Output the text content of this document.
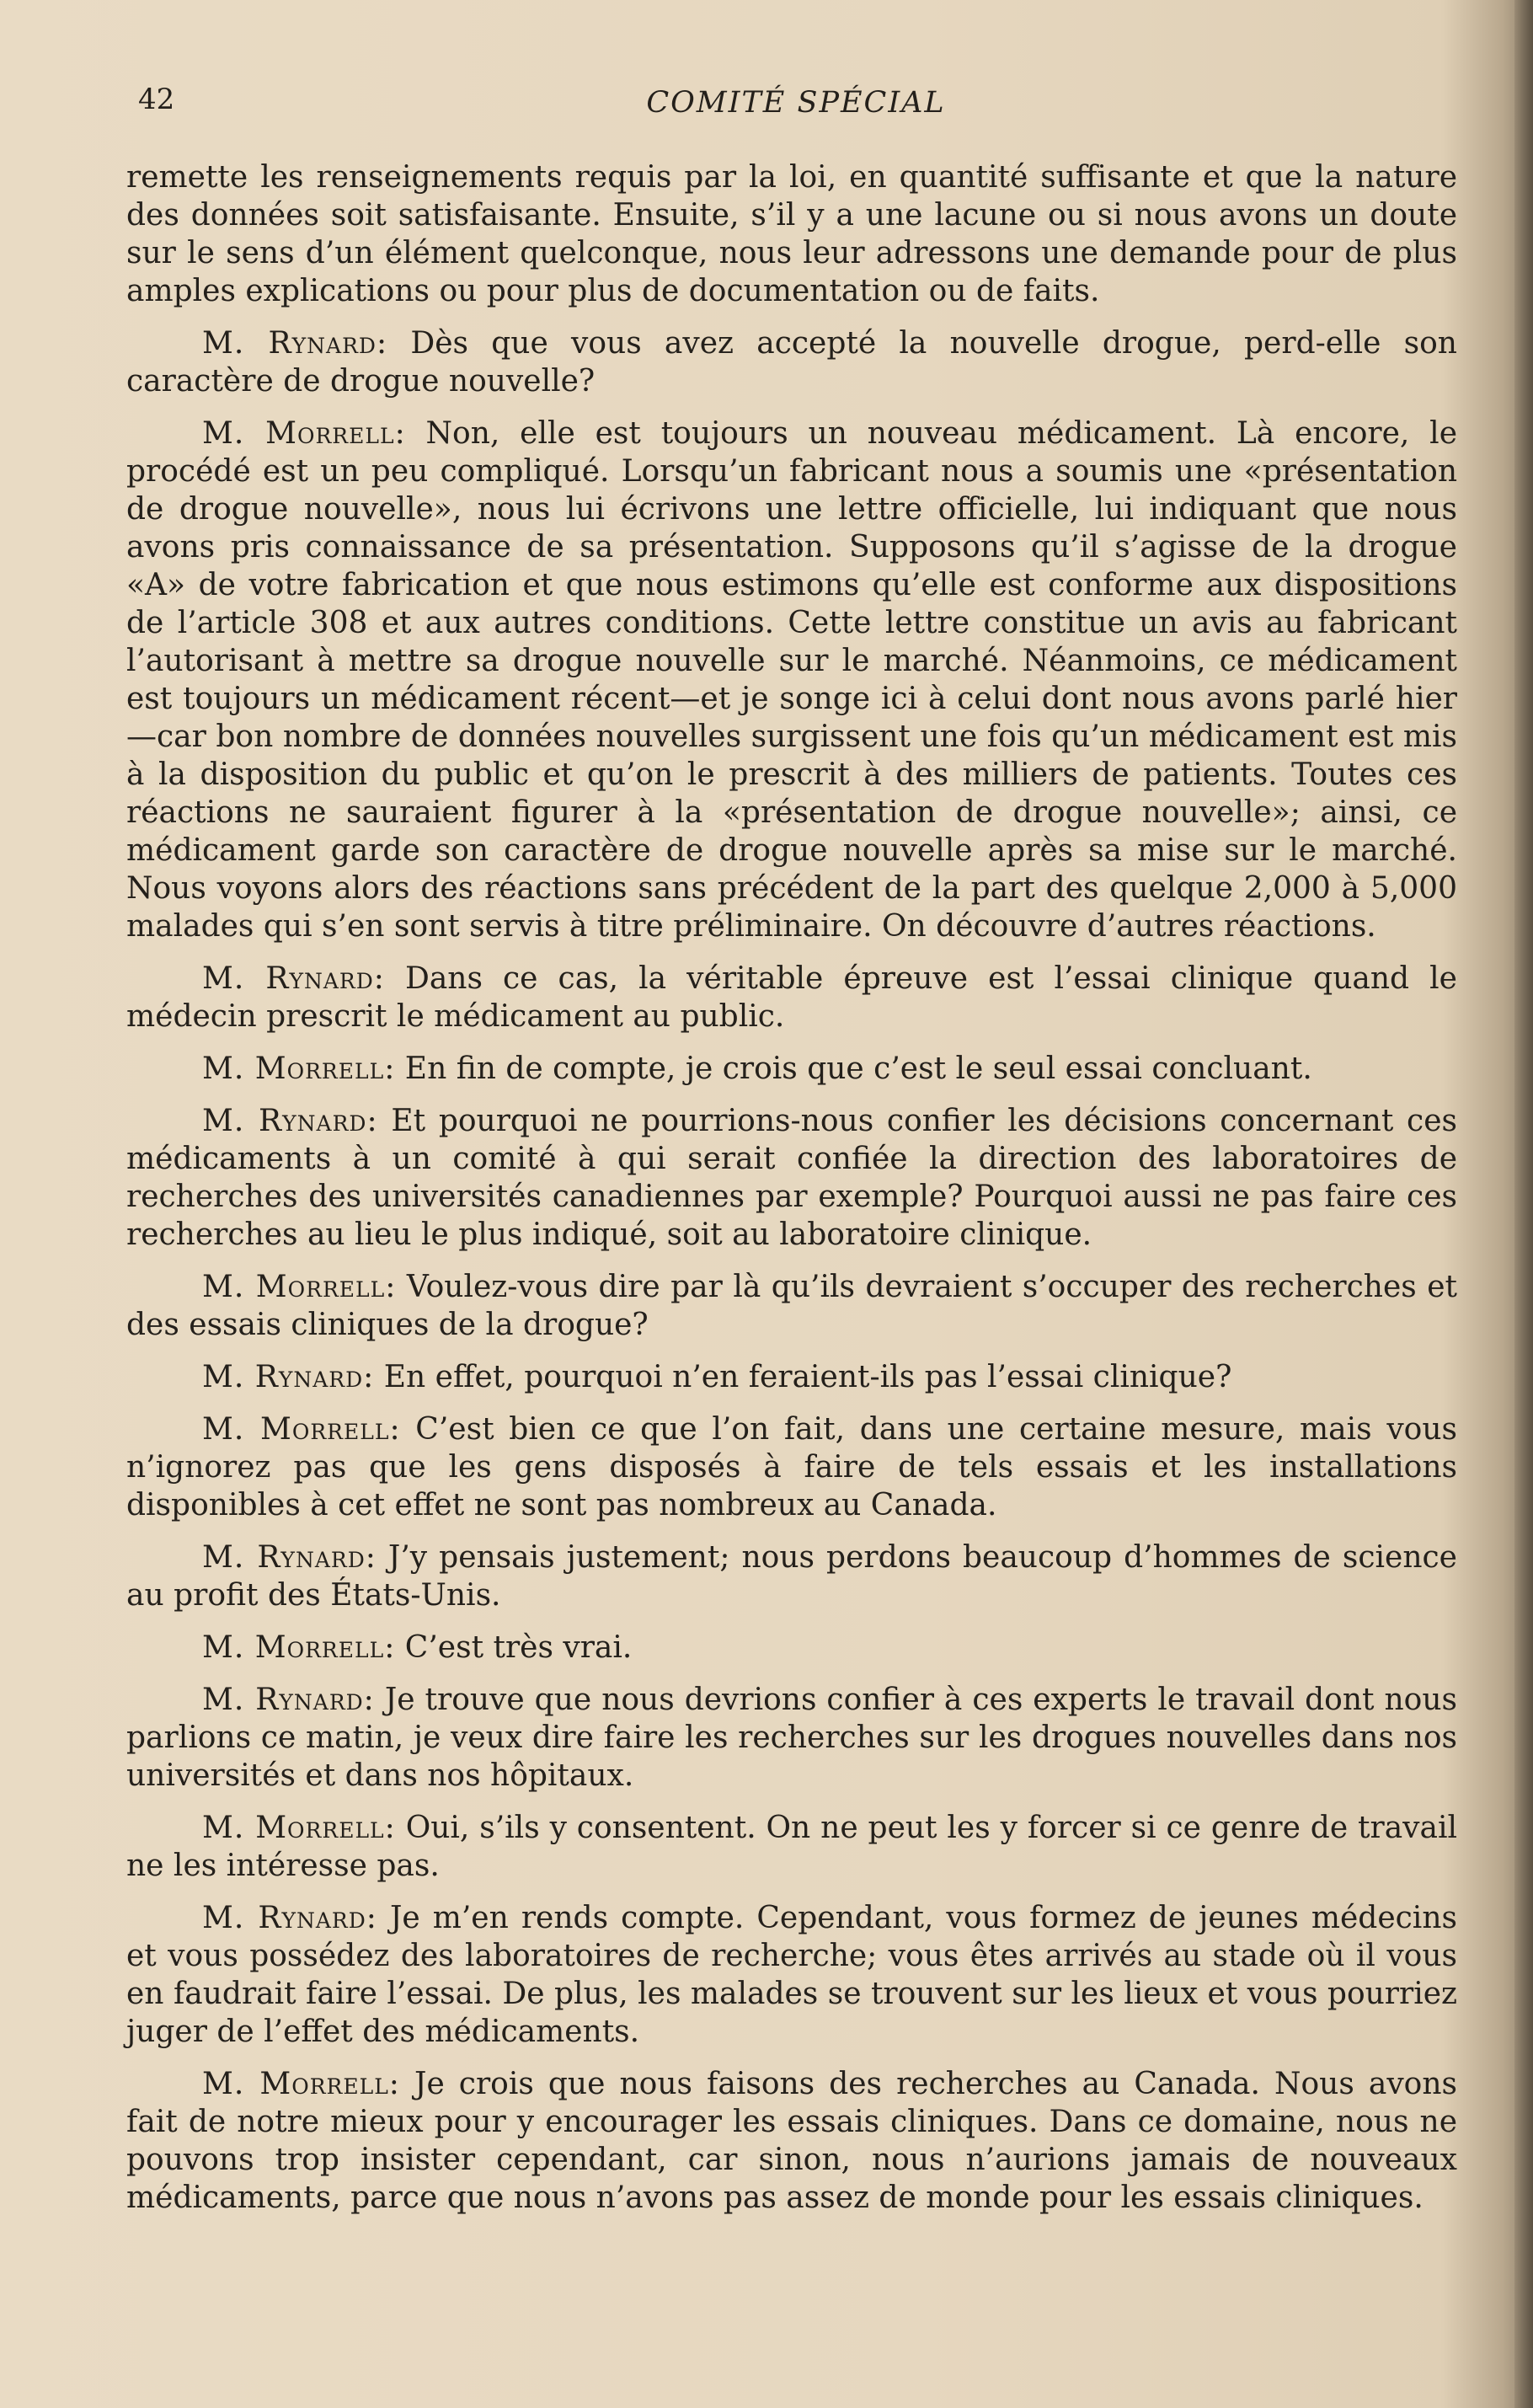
42	COMITÉ SPÉCIAL

remette les renseignements requis par la loi, en quantité suffisante et que la nature des données soit satisfaisante. Ensuite, s’il y a une lacune ou si nous avons un doute sur le sens d’un élément quelconque, nous leur adressons une demande pour de plus amples explications ou pour plus de documentation ou de faits.

M. Rynard: Dès que vous avez accepté la nouvelle drogue, perd-elle son caractère de drogue nouvelle?

M. Morrell: Non, elle est toujours un nouveau médicament. Là encore, le procédé est un peu compliqué. Lorsqu’un fabricant nous a soumis une «présentation de drogue nouvelle», nous lui écrivons une lettre officielle, lui indiquant que nous avons pris connaissance de sa présentation. Supposons qu’il s’agisse de la drogue «A» de votre fabrication et que nous estimons qu’elle est conforme aux dispositions de l’article 308 et aux autres conditions. Cette lettre constitue un avis au fabricant l’autorisant à mettre sa drogue nouvelle sur le marché. Néanmoins, ce médicament est toujours un médicament récent—et je songe ici à celui dont nous avons parlé hier—car bon nombre de données nouvelles surgissent une fois qu’un médicament est mis à la disposition du public et qu’on le prescrit à des milliers de patients. Toutes ces réactions ne sauraient figurer à la «présentation de drogue nouvelle»; ainsi, ce médicament garde son caractère de drogue nouvelle après sa mise sur le marché. Nous voyons alors des réactions sans précédent de la part des quelque 2,000 à 5,000 malades qui s’en sont servis à titre préliminaire. On découvre d’autres réactions.

M. Rynard: Dans ce cas, la véritable épreuve est l’essai clinique quand le médecin prescrit le médicament au public.

M. Morrell: En fin de compte, je crois que c’est le seul essai concluant.

M. Rynard: Et pourquoi ne pourrions-nous confier les décisions concernant ces médicaments à un comité à qui serait confiée la direction des laboratoires de recherches des universités canadiennes par exemple? Pourquoi aussi ne pas faire ces recherches au lieu le plus indiqué, soit au laboratoire clinique.

M. Morrell: Voulez-vous dire par là qu’ils devraient s’occuper des recherches et des essais cliniques de la drogue?

M. Rynard: En effet, pourquoi n’en feraient-ils pas l’essai clinique?

M. Morrell: C’est bien ce que l’on fait, dans une certaine mesure, mais vous n’ignorez pas que les gens disposés à faire de tels essais et les installations disponibles à cet effet ne sont pas nombreux au Canada.

M. Rynard: J’y pensais justement; nous perdons beaucoup d’hommes de science au profit des États-Unis.

M. Morrell: C’est très vrai.

M. Rynard: Je trouve que nous devrions confier à ces experts le travail dont nous parlions ce matin, je veux dire faire les recherches sur les drogues nouvelles dans nos universités et dans nos hôpitaux.

M. Morrell: Oui, s’ils y consentent. On ne peut les y forcer si ce genre de travail ne les intéresse pas.

M. Rynard: Je m’en rends compte. Cependant, vous formez de jeunes médecins et vous possédez des laboratoires de recherche; vous êtes arrivés au stade où il vous en faudrait faire l’essai. De plus, les malades se trouvent sur les lieux et vous pourriez juger de l’effet des médicaments.

M. Morrell: Je crois que nous faisons des recherches au Canada. Nous avons fait de notre mieux pour y encourager les essais cliniques. Dans ce domaine, nous ne pouvons trop insister cependant, car sinon, nous n’aurions jamais de nouveaux médicaments, parce que nous n’avons pas assez de monde pour les essais cliniques.
